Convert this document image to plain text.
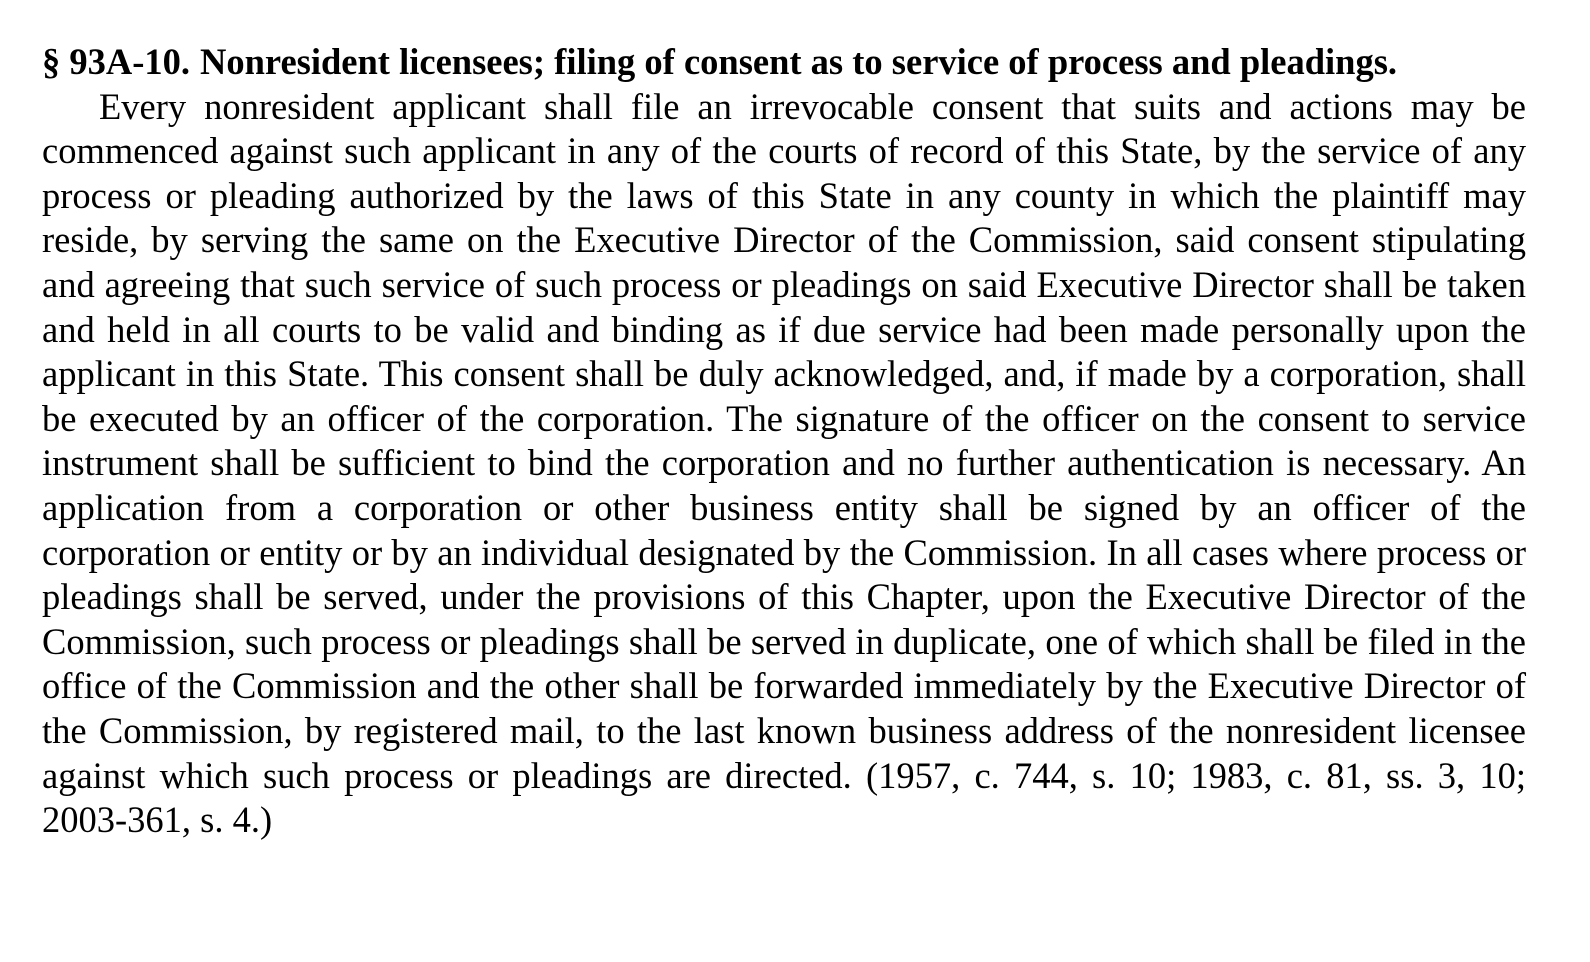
§ 93A-10. Nonresident licensees; filing of consent as to service of process and pleadings.

Every nonresident applicant shall file an irrevocable consent that suits and actions may be commenced against such applicant in any of the courts of record of this State, by the service of any process or pleading authorized by the laws of this State in any county in which the plaintiff may reside, by serving the same on the Executive Director of the Commission, said consent stipulating and agreeing that such service of such process or pleadings on said Executive Director shall be taken and held in all courts to be valid and binding as if due service had been made personally upon the applicant in this State. This consent shall be duly acknowledged, and, if made by a corporation, shall be executed by an officer of the corporation. The signature of the officer on the consent to service instrument shall be sufficient to bind the corporation and no further authentication is necessary. An application from a corporation or other business entity shall be signed by an officer of the corporation or entity or by an individual designated by the Commission. In all cases where process or pleadings shall be served, under the provisions of this Chapter, upon the Executive Director of the Commission, such process or pleadings shall be served in duplicate, one of which shall be filed in the office of the Commission and the other shall be forwarded immediately by the Executive Director of the Commission, by registered mail, to the last known business address of the nonresident licensee against which such process or pleadings are directed. (1957, c. 744, s. 10; 1983, c. 81, ss. 3, 10; 2003-361, s. 4.)
